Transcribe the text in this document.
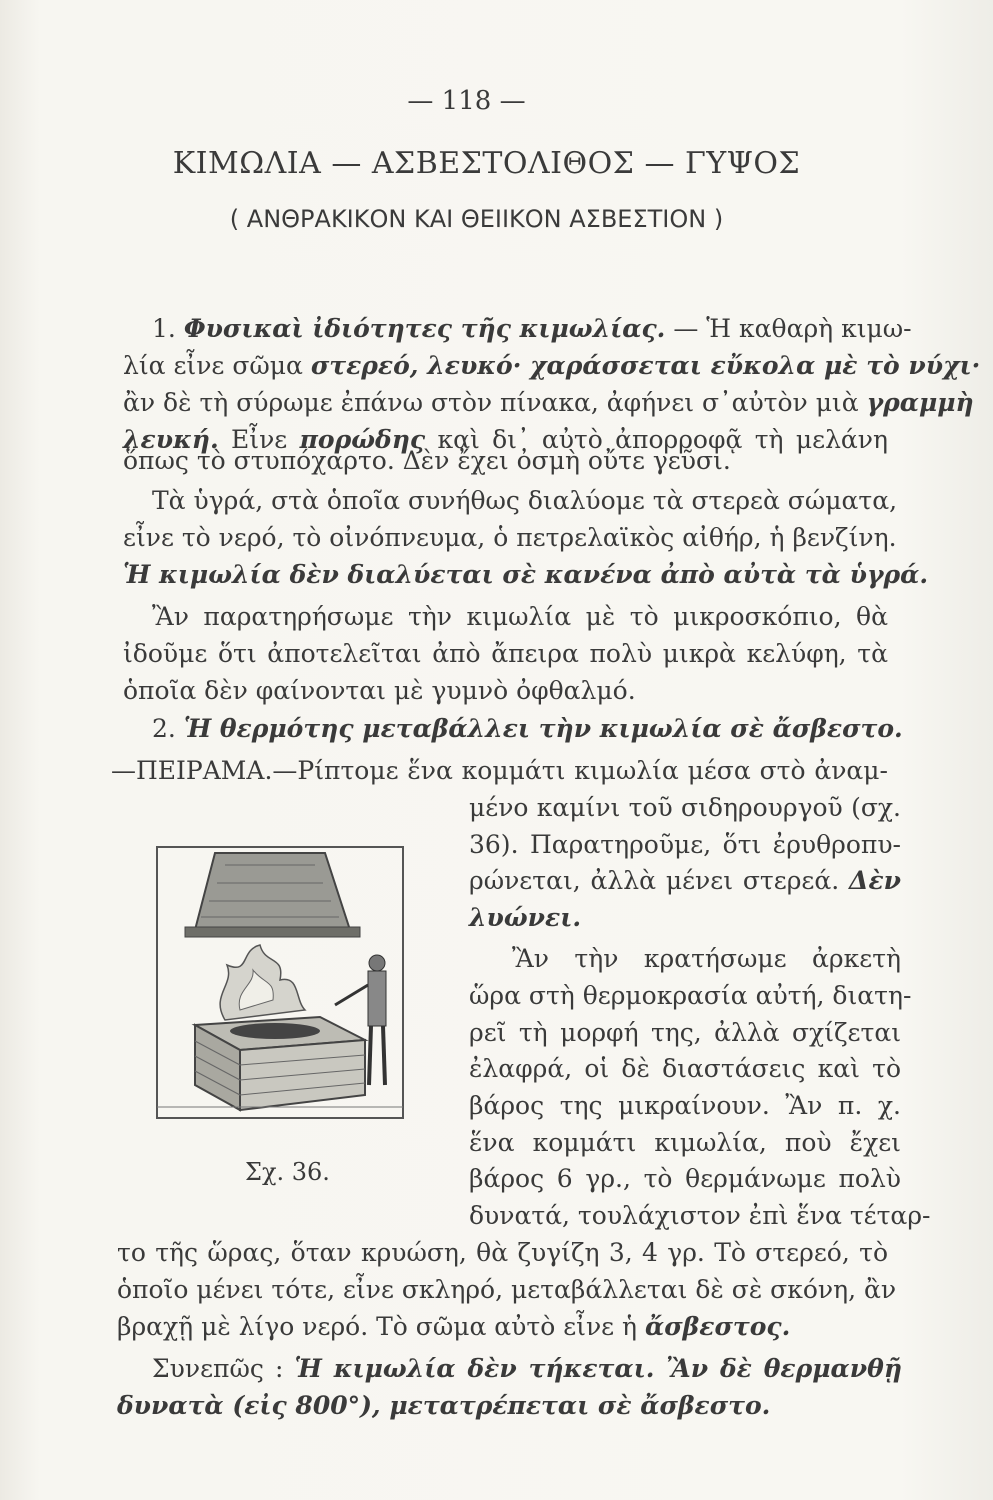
— 118 —
ΚΙΜΩΛΙΑ — ΑΣΒΕΣΤΟΛΙΘΟΣ — ΓΥΨΟΣ
( ΑΝΘΡΑΚΙΚΟΝ ΚΑΙ ΘΕΙΙΚΟΝ ΑΣΒΕΣΤΙΟΝ )
1. Φυσικαὶ ἰδιότητες τῆς κιμωλίας. — Ἡ καθαρὴ κιμω-
λία εἶνε σῶμα στερεό, λευκό· χαράσσεται εὔκολα μὲ τὸ νύχι·
ἂν δὲ τὴ σύρωμε ἐπάνω στὸν πίνακα, ἀφήνει σ᾿αὐτὸν μιὰ γραμμὴ
λευκή. Εἶνε πορώδης καὶ δι᾿ αὐτὸ ἀπορροφᾷ τὴ μελάνη
ὅπως τὸ στυπόχαρτο. Δὲν ἔχει ὀσμὴ οὔτε γεῦσι.
Τὰ ὑγρά, στὰ ὁποῖα συνήθως διαλύομε τὰ στερεὰ σώματα,
εἶνε τὸ νερό, τὸ οἰνόπνευμα, ὁ πετρελαϊκὸς αἰθήρ, ἡ βενζίνη.
Ἡ κιμωλία δὲν διαλύεται σὲ κανένα ἀπὸ αὐτὰ τὰ ὑγρά.
Ἂν παρατηρήσωμε τὴν κιμωλία μὲ τὸ μικροσκόπιο, θὰ
ἰδοῦμε ὅτι ἀποτελεῖται ἀπὸ ἄπειρα πολὺ μικρὰ κελύφη, τὰ
ὁποῖα δὲν φαίνονται μὲ γυμνὸ ὀφθαλμό.
2. Ἡ θερμότης μεταβάλλει τὴν κιμωλία σὲ ἄσβεστο.
—ΠΕΙΡΑΜΑ.—Ρίπτομε ἕνα κομμάτι κιμωλία μέσα στὸ ἀναμ-
μένο καμίνι τοῦ σιδηρουργοῦ (σχ.
36). Παρατηροῦμε, ὅτι ἐρυθροπυ-
ρώνεται, ἀλλὰ μένει στερεά. Δὲν
λυώνει.
Ἂν τὴν κρατήσωμε ἀρκετὴ
ὥρα στὴ θερμοκρασία αὐτή, διατη-
ρεῖ τὴ μορφή της, ἀλλὰ σχίζεται
ἐλαφρά, οἱ δὲ διαστάσεις καὶ τὸ
βάρος της μικραίνουν. Ἂν π. χ.
ἕνα κομμάτι κιμωλία, ποὺ ἔχει
βάρος 6 γρ., τὸ θερμάνωμε πολὺ
δυνατά, τουλάχιστον ἐπὶ ἕνα τέταρ-
το τῆς ὥρας, ὅταν κρυώση, θὰ ζυγίζη 3, 4 γρ. Τὸ στερεό, τὸ
ὁποῖο μένει τότε, εἶνε σκληρό, μεταβάλλεται δὲ σὲ σκόνη, ἂν
βραχῇ μὲ λίγο νερό. Τὸ σῶμα αὐτὸ εἶνε ἡ ἄσβεστος.
Συνεπῶς : Ἡ κιμωλία δὲν τήκεται. Ἂν δὲ θερμανθῇ
δυνατὰ (εἰς 800°), μετατρέπεται σὲ ἄσβεστο.
Σχ. 36.
